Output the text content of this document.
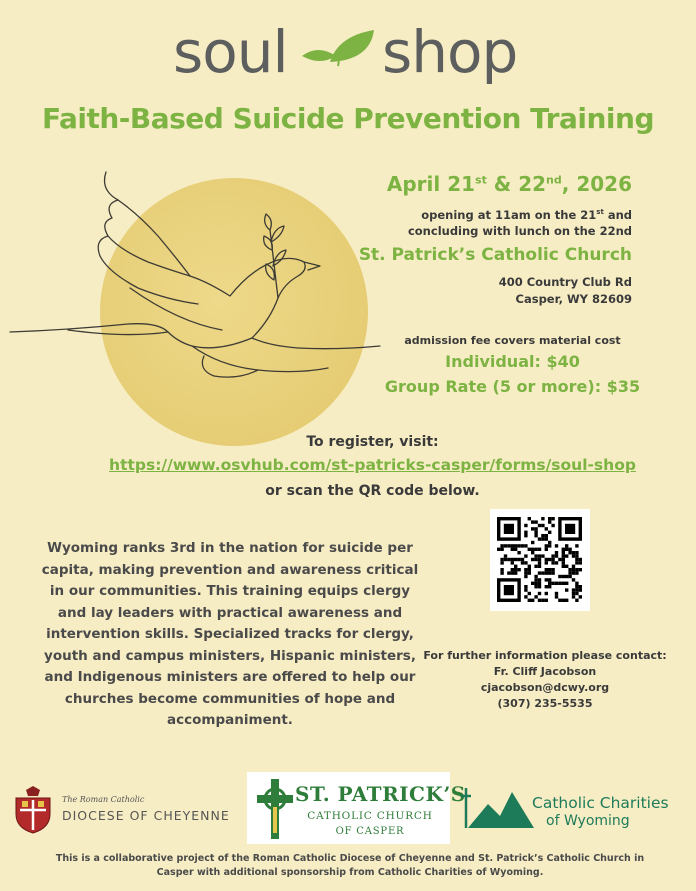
soul shop
Faith-Based Suicide Prevention Training
April 21st & 22nd, 2026
opening at 11am on the 21st and
concluding with lunch on the 22nd
St. Patrick’s Catholic Church
400 Country Club Rd
Casper, WY 82609
admission fee covers material cost
Individual: $40
Group Rate (5 or more): $35
To register, visit:
https://www.osvhub.com/st-patricks-casper/forms/soul-shop
or scan the QR code below.
Wyoming ranks 3rd in the nation for suicide per capita, making prevention and awareness critical in our communities. This training equips clergy and lay leaders with practical awareness and intervention skills. Specialized tracks for clergy, youth and campus ministers, Hispanic ministers, and Indigenous ministers are offered to help our churches become communities of hope and accompaniment.
For further information please contact:
Fr. Cliff Jacobson
cjacobson@dcwy.org
(307) 235-5535
The Roman Catholic
DIOCESE OF CHEYENNE
ST. PATRICK’S
CATHOLIC CHURCH
OF CASPER
Catholic Charities
of Wyoming
This is a collaborative project of the Roman Catholic Diocese of Cheyenne and St. Patrick’s Catholic Church in Casper with additional sponsorship from Catholic Charities of Wyoming.
